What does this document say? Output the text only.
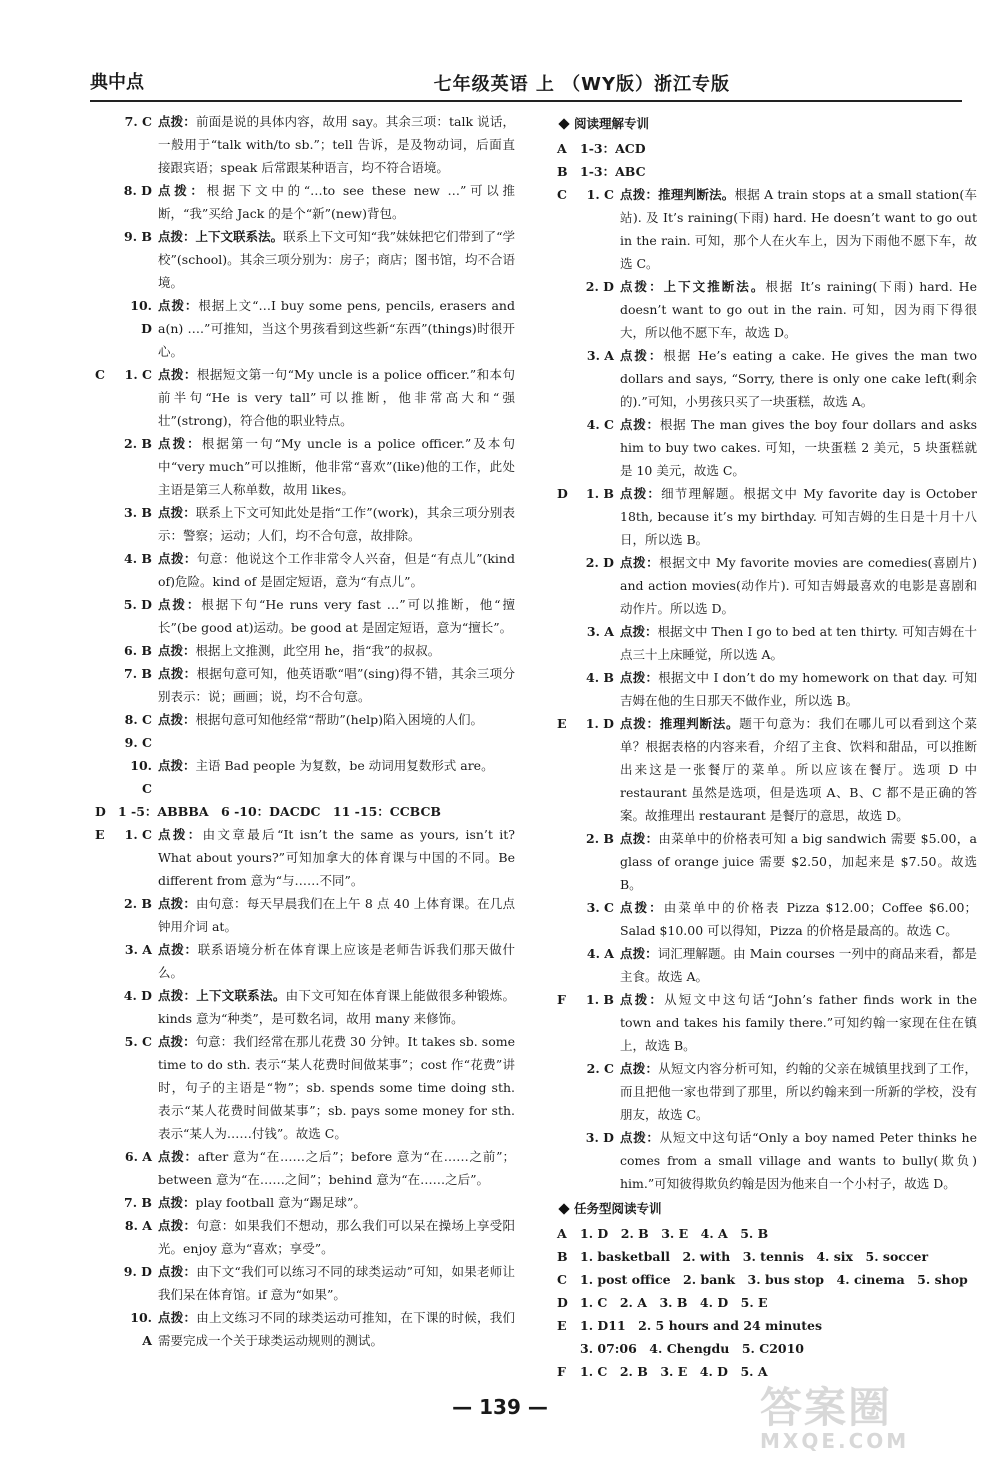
典中点	七年级英语 上 （WY版）浙江专版
7. C 点拨：前面是说的具体内容，故用 say。其余三项：talk 说话，一般用于“talk with/to sb.”；tell 告诉，是及物动词，后面直接跟宾语；speak 后常跟某种语言，均不符合语境。
8. D 点拨：根据下文中的“…to see these new …”可以推断，“我”买给 Jack 的是个“新”(new)背包。
9. B 点拨：上下文联系法。联系上下文可知“我”妹妹把它们带到了“学校”(school)。其余三项分别为：房子；商店；图书馆，均不合语境。
10. D
点拨：根据上文“…I buy some pens, pencils, erasers and a(n) ….”可推知，当这个男孩看到这些新“东西”(things)时很开心。
C	1. C 点拨：根据短文第一句“My uncle is a police officer.”和本句前半句“He is very tall”可以推断，他非常高大和“强壮”(strong)，符合他的职业特点。
2. B 点拨：根据第一句“My uncle is a police officer.”及本句中“very much”可以推断，他非常“喜欢”(like)他的工作，此处主语是第三人称单数，故用 likes。
3. B 点拨：联系上下文可知此处是指“工作”(work)，其余三项分别表示：警察；运动；人们，均不合句意，故排除。
4. B 点拨：句意：他说这个工作非常令人兴奋，但是“有点儿”(kind of)危险。kind of 是固定短语，意为“有点儿”。
5. D 点拨：根据下句“He runs very fast …”可以推断，他“擅长”(be good at)运动。be good at 是固定短语，意为“擅长”。
6. B 点拨：根据上文推测，此空用 he，指“我”的叔叔。
7. B 点拨：根据句意可知，他英语歌“唱”(sing)得不错，其余三项分别表示：说；画画；说，均不合句意。
8. C 点拨：根据句意可知他经常“帮助”(help)陷入困境的人们。
9. C
10. C
点拨：主语 Bad people 为复数，be 动词用复数形式 are。
D 1 -5：ABBBA　6 -10：DACDC　11 -15：CCBCB
E	1. C 点拨：由文章最后“It isn’t the same as yours, isn’t it? What about yours?”可知加拿大的体育课与中国的不同。Be different from 意为“与……不同”。
2. B 点拨：由句意：每天早晨我们在上午 8 点 40 上体育课。在几点钟用介词 at。
3. A 点拨：联系语境分析在体育课上应该是老师告诉我们那天做什么。
4. D 点拨：上下文联系法。由下文可知在体育课上能做很多种锻炼。kinds 意为“种类”，是可数名词，故用 many 来修饰。
5. C 点拨：句意：我们经常在那儿花费 30 分钟。It takes sb. some time to do sth. 表示“某人花费时间做某事”；cost 作“花费”讲时，句子的主语是“物”；sb. spends some time doing sth. 表示“某人花费时间做某事”；sb. pays some money for sth. 表示“某人为……付钱”。故选 C。
6. A 点拨：after 意为“在……之后”；before 意为“在……之前”；between 意为“在……之间”；behind 意为“在……之后”。
7. B 点拨：play football 意为“踢足球”。
8. A 点拨：句意：如果我们不想动，那么我们可以呆在操场上享受阳光。enjoy 意为“喜欢；享受”。
9. D 点拨：由下文“我们可以练习不同的球类运动”可知，如果老师让我们呆在体育馆。if 意为“如果”。
10. A
点拨：由上文练习不同的球类运动可推知，在下课的时候，我们需要完成一个关于球类运动规则的测试。
阅读理解专训
A	1-3：ACD
B 1-3：ABC
C	1. C 点拨：推理判断法。根据 A train stops at a small station(车站). 及 It’s raining(下雨) hard. He doesn’t want to go out in the rain. 可知，那个人在火车上，因为下雨他不愿下车，故选 C。
2. D 点拨：上下文推断法。根据 It’s raining(下雨) hard. He doesn’t want to go out in the rain. 可知，因为雨下得很大，所以他不愿下车，故选 D。
3. A 点拨：根据 He’s eating a cake. He gives the man two dollars and says, “Sorry, there is only one cake left(剩余的).”可知，小男孩只买了一块蛋糕，故选 A。
4. C 点拨：根据 The man gives the boy four dollars and asks him to buy two cakes. 可知，一块蛋糕 2 美元，5 块蛋糕就是 10 美元，故选 C。
D	1. B 点拨：细节理解题。根据文中 My favorite day is October 18th, because it’s my birthday. 可知吉姆的生日是十月十八日，所以选 B。
2. D 点拨：根据文中 My favorite movies are comedies(喜剧片) and action movies(动作片). 可知吉姆最喜欢的电影是喜剧和动作片。所以选 D。
3. A 点拨：根据文中 Then I go to bed at ten thirty. 可知吉姆在十点三十上床睡觉，所以选 A。
4. B 点拨：根据文中 I don’t do my homework on that day. 可知吉姆在他的生日那天不做作业，所以选 B。
E	1. D 点拨：推理判断法。题干句意为：我们在哪儿可以看到这个菜单？根据表格的内容来看，介绍了主食、饮料和甜品，可以推断出来这是一张餐厅的菜单。所以应该在餐厅。选项 D 中 restaurant 虽然是选项，但是选项 A、B、C 都不是正确的答案。故推理出 restaurant 是餐厅的意思，故选 D。
2. B 点拨：由菜单中的价格表可知 a big sandwich 需要 $5.00，a glass of orange juice 需要 $2.50，加起来是 $7.50。故选 B。
3. C 点拨：由菜单中的价格表 Pizza $12.00；Coffee $6.00；Salad $10.00 可以得知，Pizza 的价格是最高的。故选 C。
4. A 点拨：词汇理解题。由 Main courses 一列中的商品来看，都是主食。故选 A。
F	1. B 点拨：从短文中这句话“John’s father finds work in the town and takes his family there.”可知约翰一家现在住在镇上，故选 B。
2. C 点拨：从短文内容分析可知，约翰的父亲在城镇里找到了工作，而且把他一家也带到了那里，所以约翰来到一所新的学校，没有朋友，故选 C。
3. D 点拨：从短文中这句话“Only a boy named Peter thinks he comes from a small village and wants to bully(欺负) him.”可知彼得欺负约翰是因为他来自一个小村子，故选 D。
任务型阅读专训
A	1. D　2. B　3. E　4. A　5. B
B 1. basketball　2. with　3. tennis　4. six　5. soccer
C	1. post office　2. bank　3. bus stop　4. cinema　5. shop
D 1. C　2. A　3. B　4. D　5. E
E	1. D11　2. 5 hours and 24 minutes
3. 07:06　4. Chengdu　5. C2010
F	1. C　2. B　3. E　4. D　5. A
— 139 —	答案圈
MXQE.COM
